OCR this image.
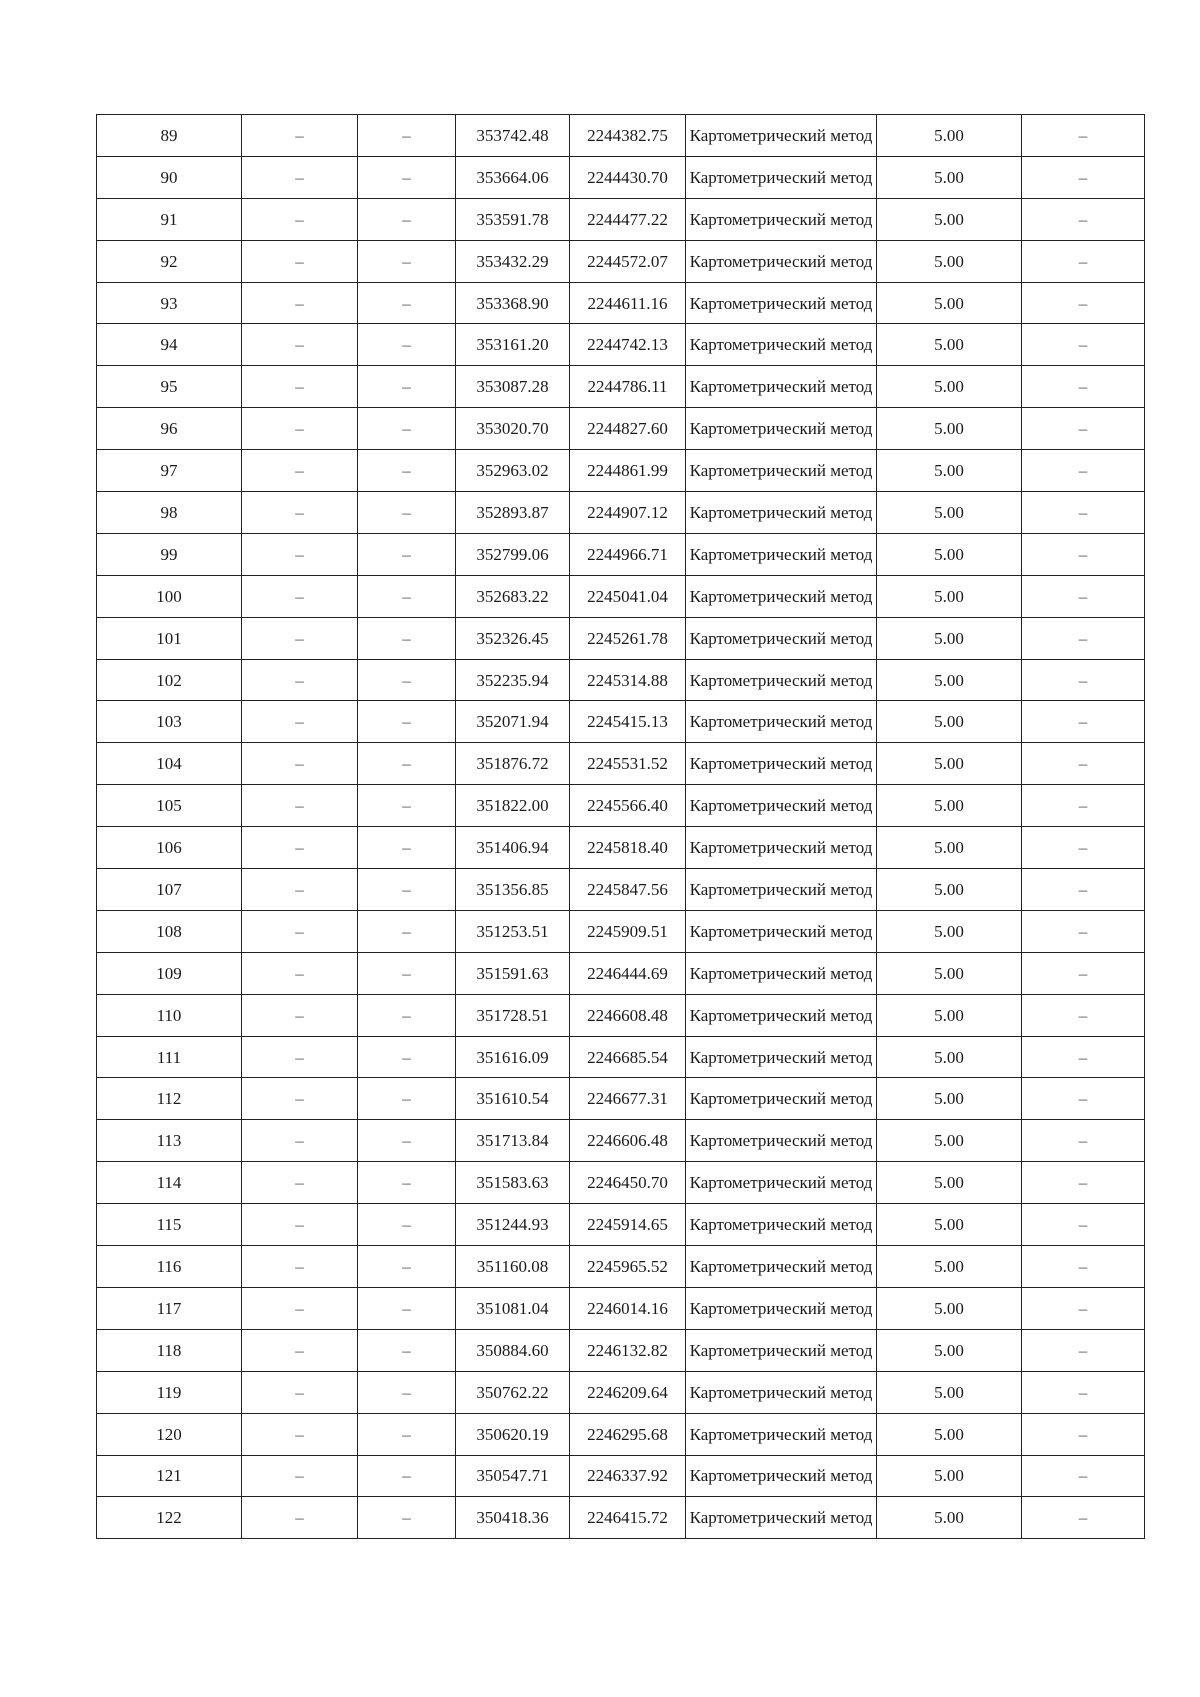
89	–	–	353742.48	2244382.75	Картометрический метод	5.00	–
90	–	–	353664.06	2244430.70	Картометрический метод	5.00	–
91	–	–	353591.78	2244477.22	Картометрический метод	5.00	–
92	–	–	353432.29	2244572.07	Картометрический метод	5.00	–
93	–	–	353368.90	2244611.16	Картометрический метод	5.00	–
94	–	–	353161.20	2244742.13	Картометрический метод	5.00	–
95	–	–	353087.28	2244786.11	Картометрический метод	5.00	–
96	–	–	353020.70	2244827.60	Картометрический метод	5.00	–
97	–	–	352963.02	2244861.99	Картометрический метод	5.00	–
98	–	–	352893.87	2244907.12	Картометрический метод	5.00	–
99	–	–	352799.06	2244966.71	Картометрический метод	5.00	–
100	–	–	352683.22	2245041.04	Картометрический метод	5.00	–
101	–	–	352326.45	2245261.78	Картометрический метод	5.00	–
102	–	–	352235.94	2245314.88	Картометрический метод	5.00	–
103	–	–	352071.94	2245415.13	Картометрический метод	5.00	–
104	–	–	351876.72	2245531.52	Картометрический метод	5.00	–
105	–	–	351822.00	2245566.40	Картометрический метод	5.00	–
106	–	–	351406.94	2245818.40	Картометрический метод	5.00	–
107	–	–	351356.85	2245847.56	Картометрический метод	5.00	–
108	–	–	351253.51	2245909.51	Картометрический метод	5.00	–
109	–	–	351591.63	2246444.69	Картометрический метод	5.00	–
110	–	–	351728.51	2246608.48	Картометрический метод	5.00	–
111	–	–	351616.09	2246685.54	Картометрический метод	5.00	–
112	–	–	351610.54	2246677.31	Картометрический метод	5.00	–
113	–	–	351713.84	2246606.48	Картометрический метод	5.00	–
114	–	–	351583.63	2246450.70	Картометрический метод	5.00	–
115	–	–	351244.93	2245914.65	Картометрический метод	5.00	–
116	–	–	351160.08	2245965.52	Картометрический метод	5.00	–
117	–	–	351081.04	2246014.16	Картометрический метод	5.00	–
118	–	–	350884.60	2246132.82	Картометрический метод	5.00	–
119	–	–	350762.22	2246209.64	Картометрический метод	5.00	–
120	–	–	350620.19	2246295.68	Картометрический метод	5.00	–
121	–	–	350547.71	2246337.92	Картометрический метод	5.00	–
122	–	–	350418.36	2246415.72	Картометрический метод	5.00	–
